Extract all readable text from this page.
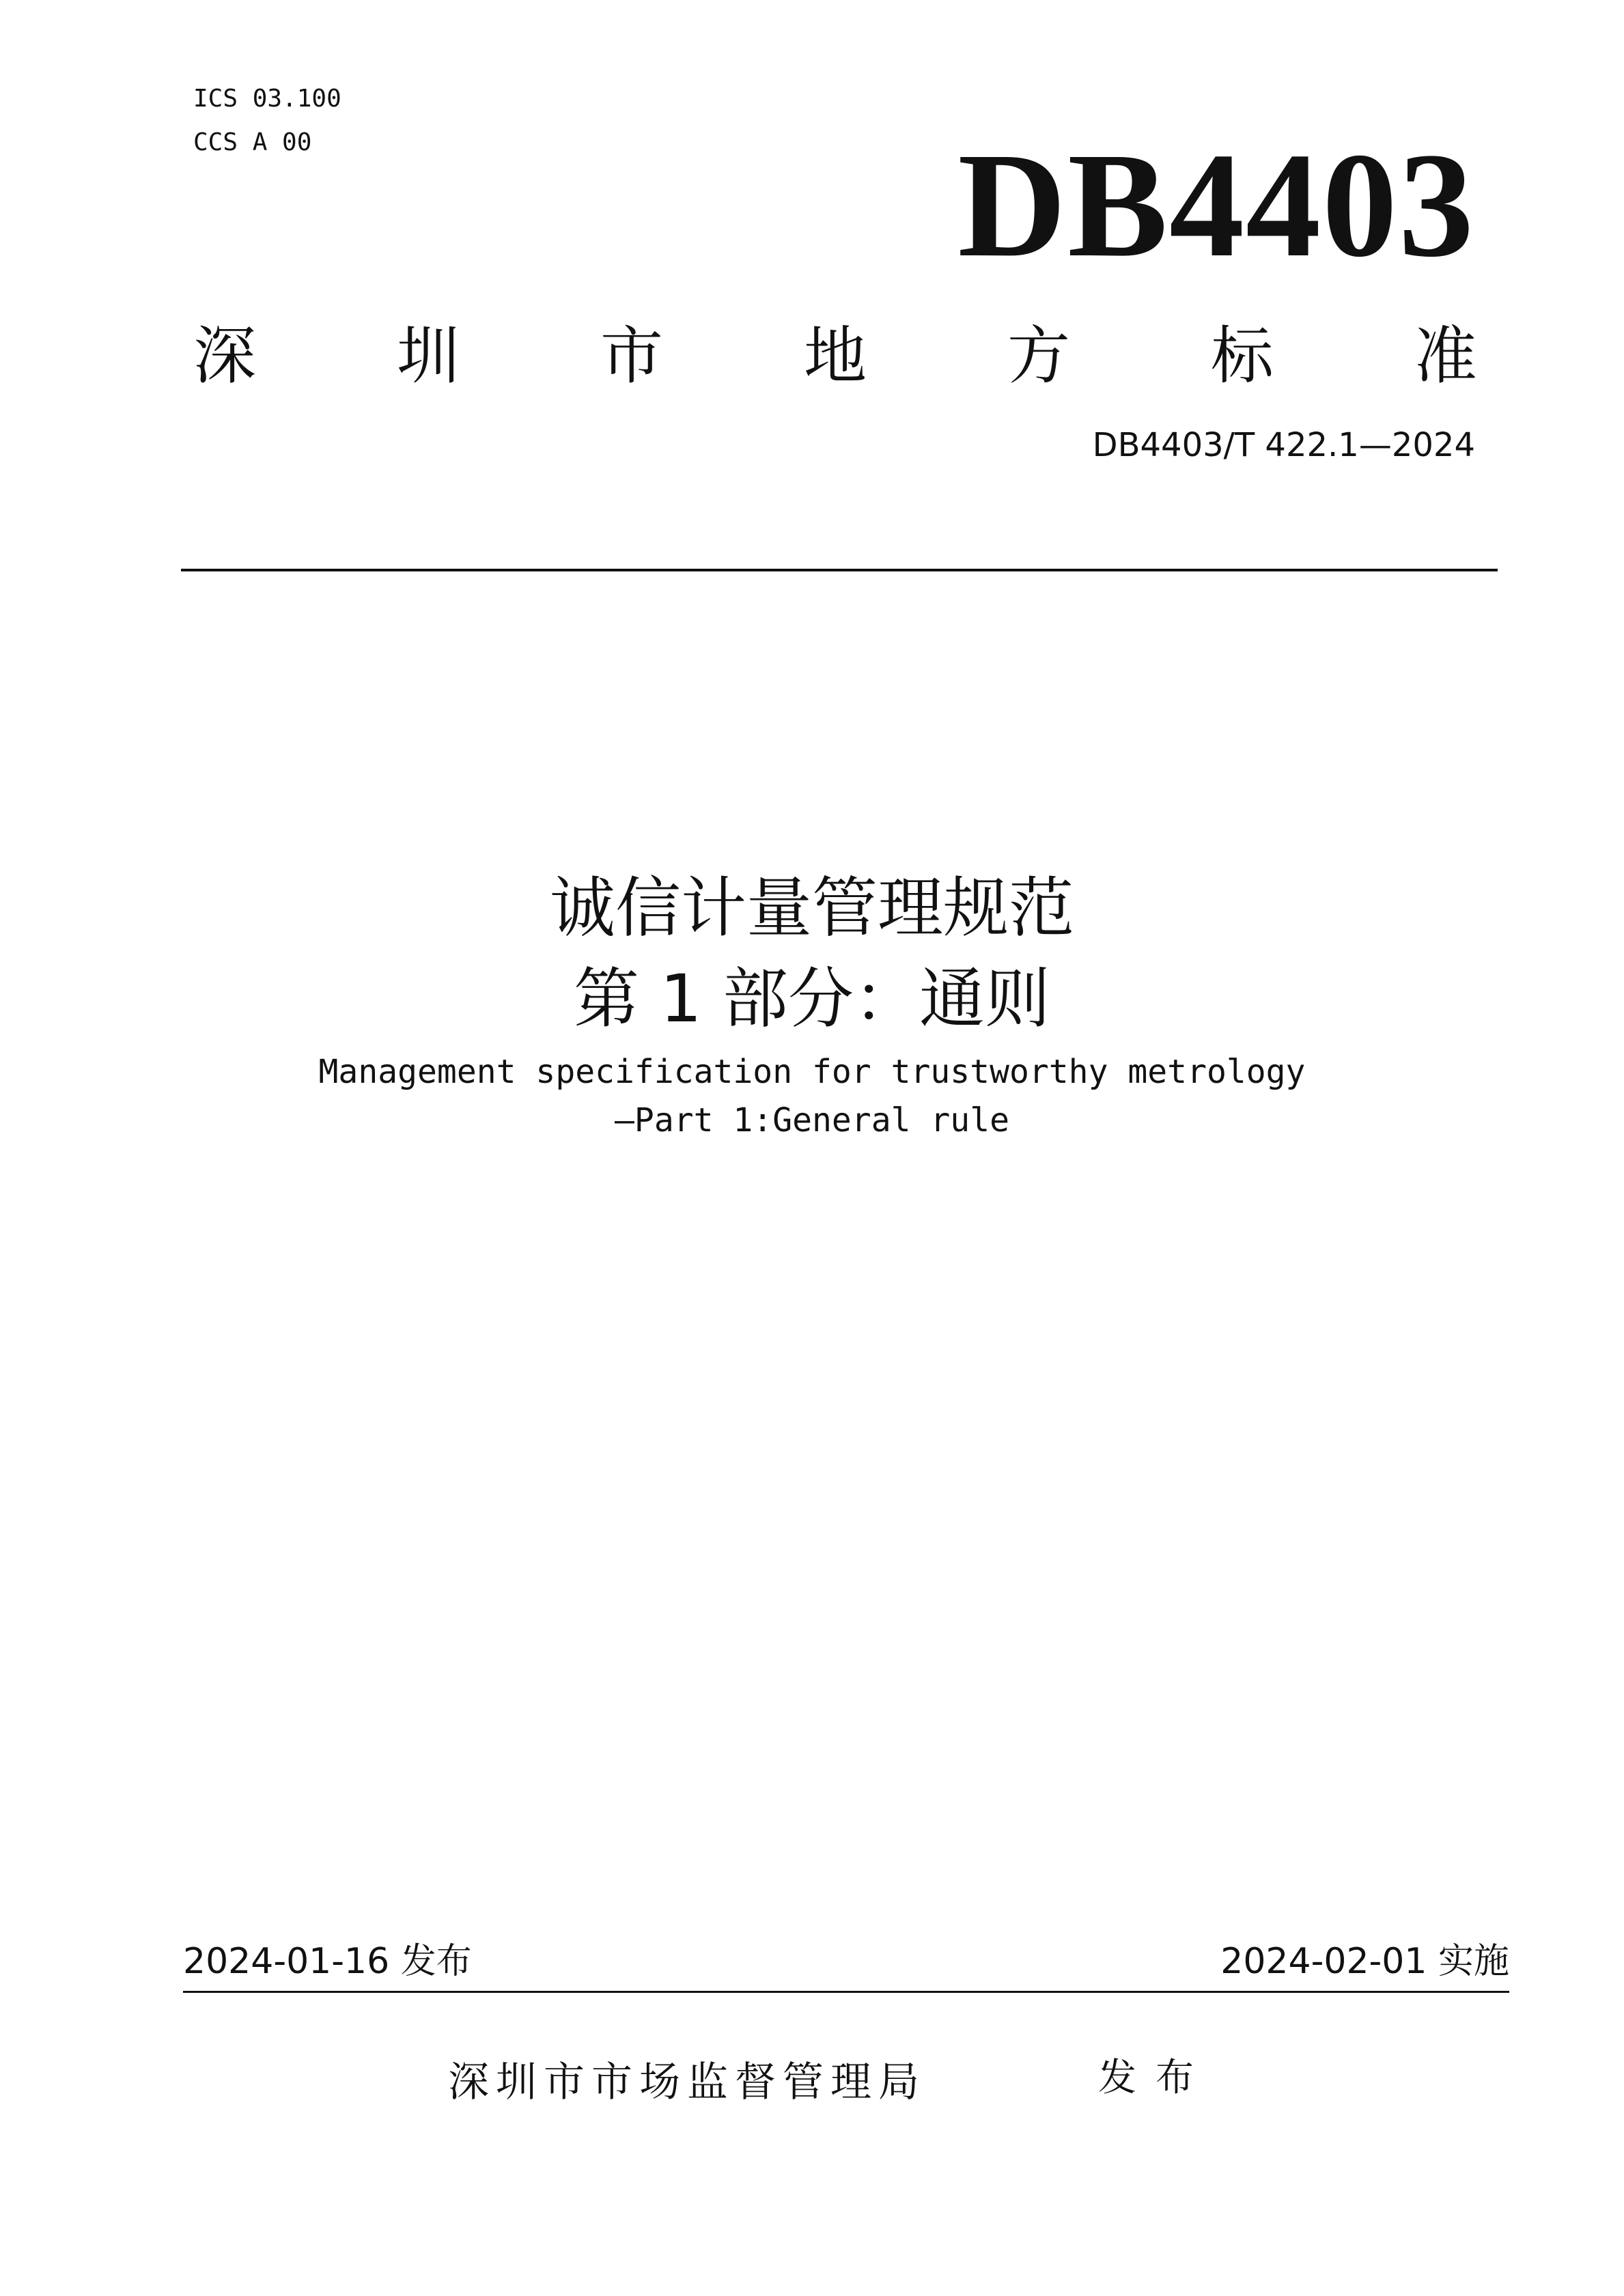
ICS 03.100
CCS A 00	DB4403
深 圳 市 地 方 标 准
DB4403/T 422.1—2024
诚信计量管理规范
第 1 部分：通则
Management specification for trustworthy metrology
—Part 1:General rule
2024-01-16 发布	2024-02-01 实施
深圳市市场监督管理局	发布
